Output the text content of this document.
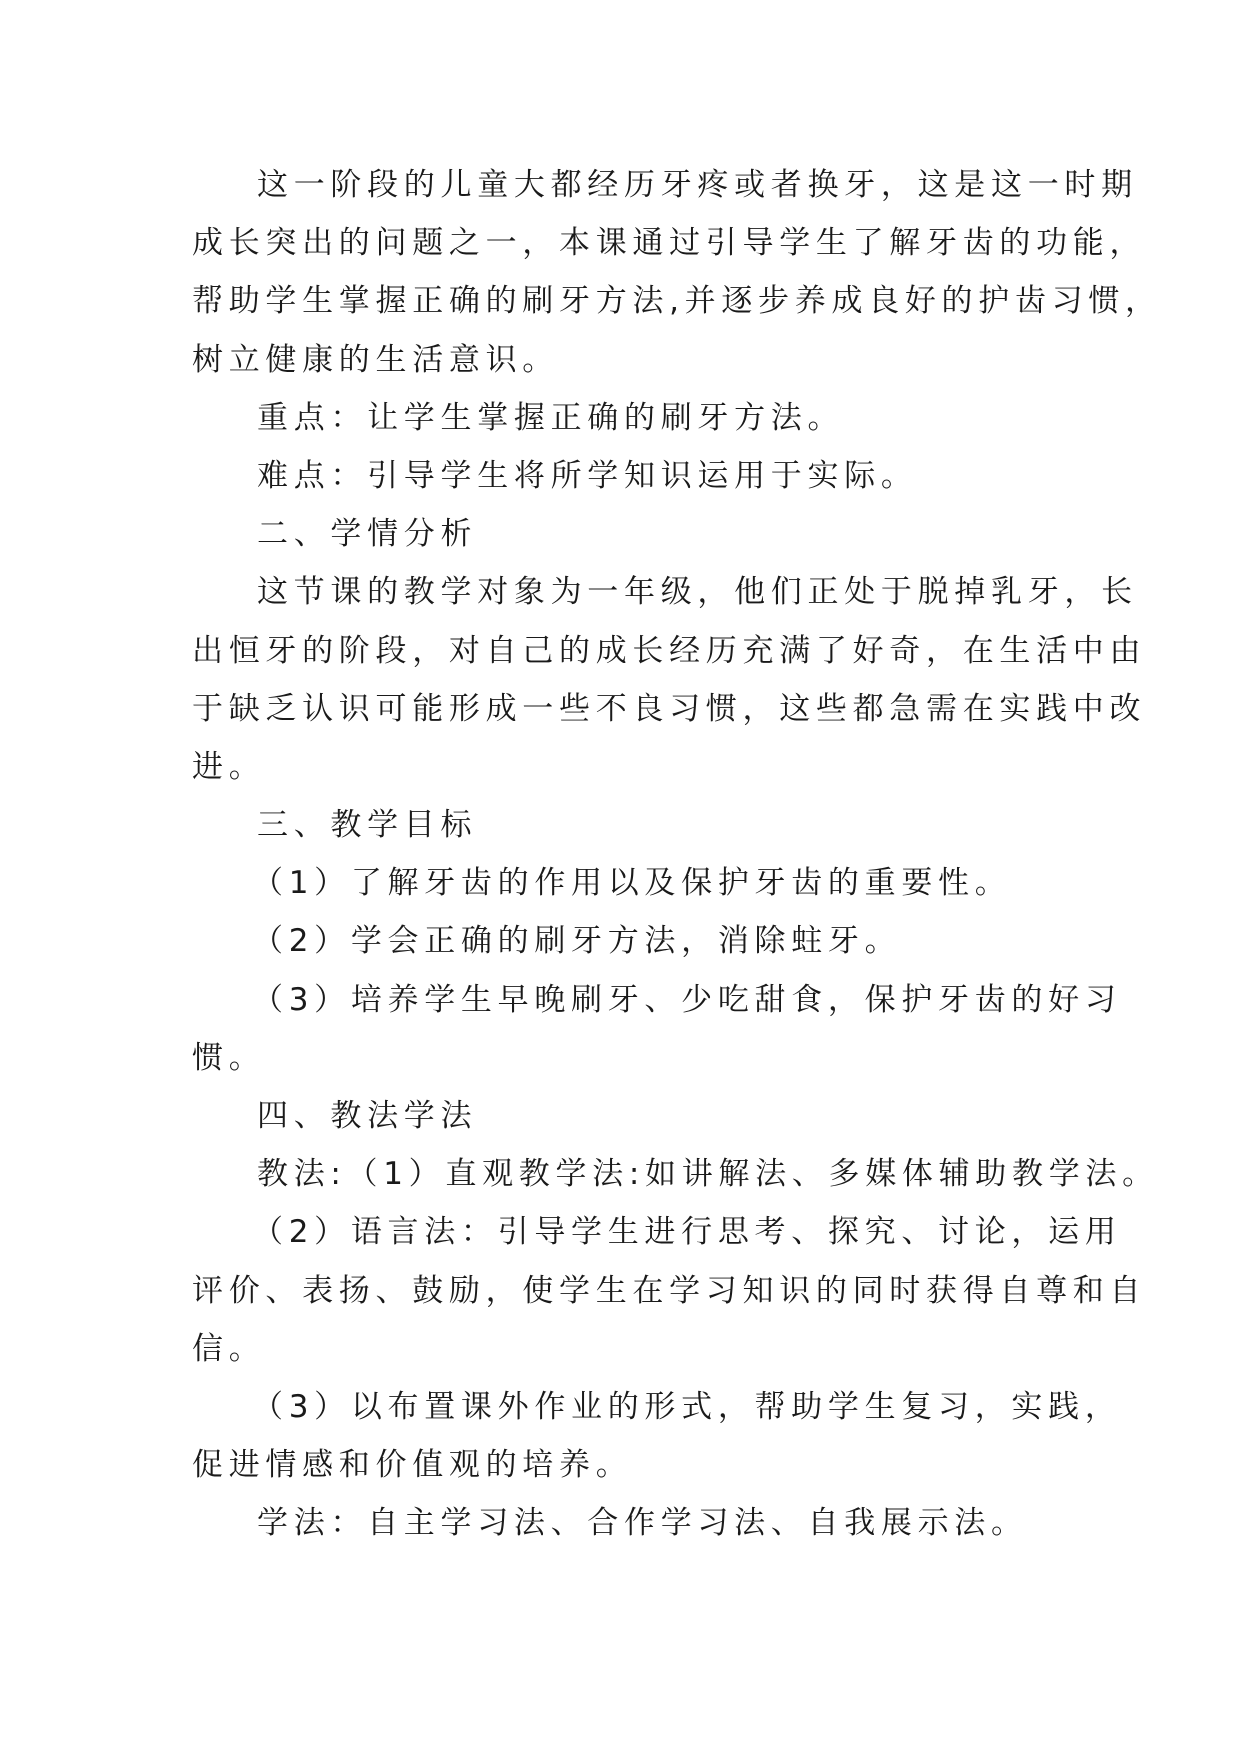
这一阶段的儿童大都经历牙疼或者换牙，这是这一时期
成长突出的问题之一，本课通过引导学生了解牙齿的功能，
帮助学生掌握正确的刷牙方法,并逐步养成良好的护齿习惯，
树立健康的生活意识。
重点：让学生掌握正确的刷牙方法。
难点：引导学生将所学知识运用于实际。
二、学情分析
这节课的教学对象为一年级，他们正处于脱掉乳牙，长
出恒牙的阶段，对自己的成长经历充满了好奇，在生活中由
于缺乏认识可能形成一些不良习惯，这些都急需在实践中改
进。
三、教学目标
（1）了解牙齿的作用以及保护牙齿的重要性。
（2）学会正确的刷牙方法，消除蛀牙。
（3）培养学生早晚刷牙、少吃甜食，保护牙齿的好习
惯。
四、教法学法
教法:（1）直观教学法:如讲解法、多媒体辅助教学法。
（2）语言法：引导学生进行思考、探究、讨论，运用
评价、表扬、鼓励，使学生在学习知识的同时获得自尊和自
信。
（3）以布置课外作业的形式，帮助学生复习，实践，
促进情感和价值观的培养。
学法：自主学习法、合作学习法、自我展示法。
